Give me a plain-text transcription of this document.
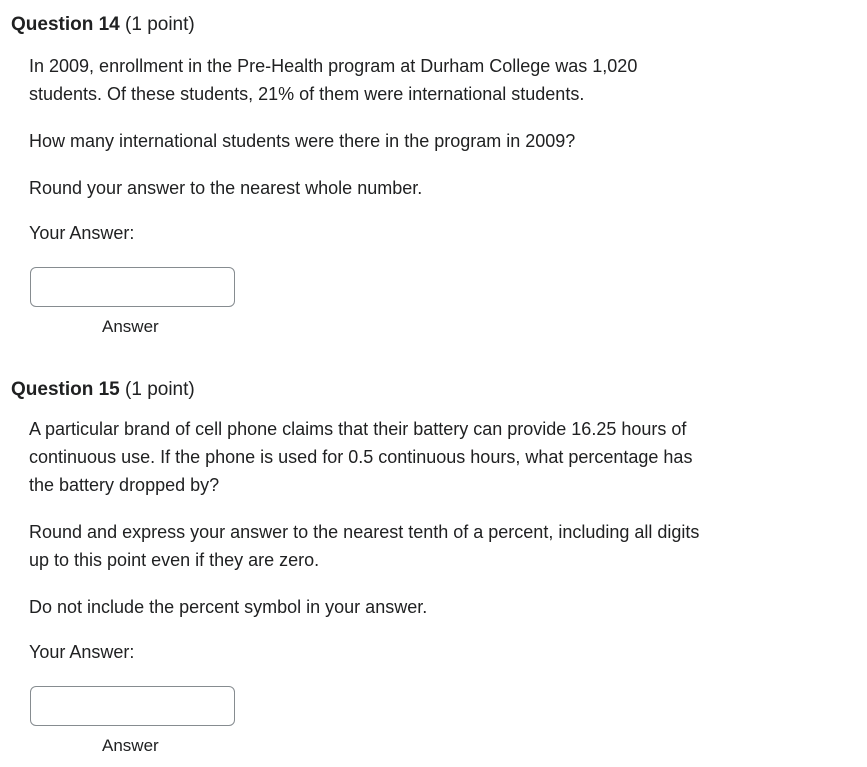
Question 14 (1 point)

In 2009, enrollment in the Pre-Health program at Durham College was 1,020

students. Of these students, 21% of them were international students.

How many international students were there in the program in 2009?

Round your answer to the nearest whole number.

Your Answer:

Answer
Question 15 (1 point)

A particular brand of cell phone claims that their battery can provide 16.25 hours of

continuous use. If the phone is used for 0.5 continuous hours, what percentage has

the battery dropped by?

Round and express your answer to the nearest tenth of a percent, including all digits

up to this point even if they are zero.

Do not include the percent symbol in your answer.

Your Answer:

Answer
